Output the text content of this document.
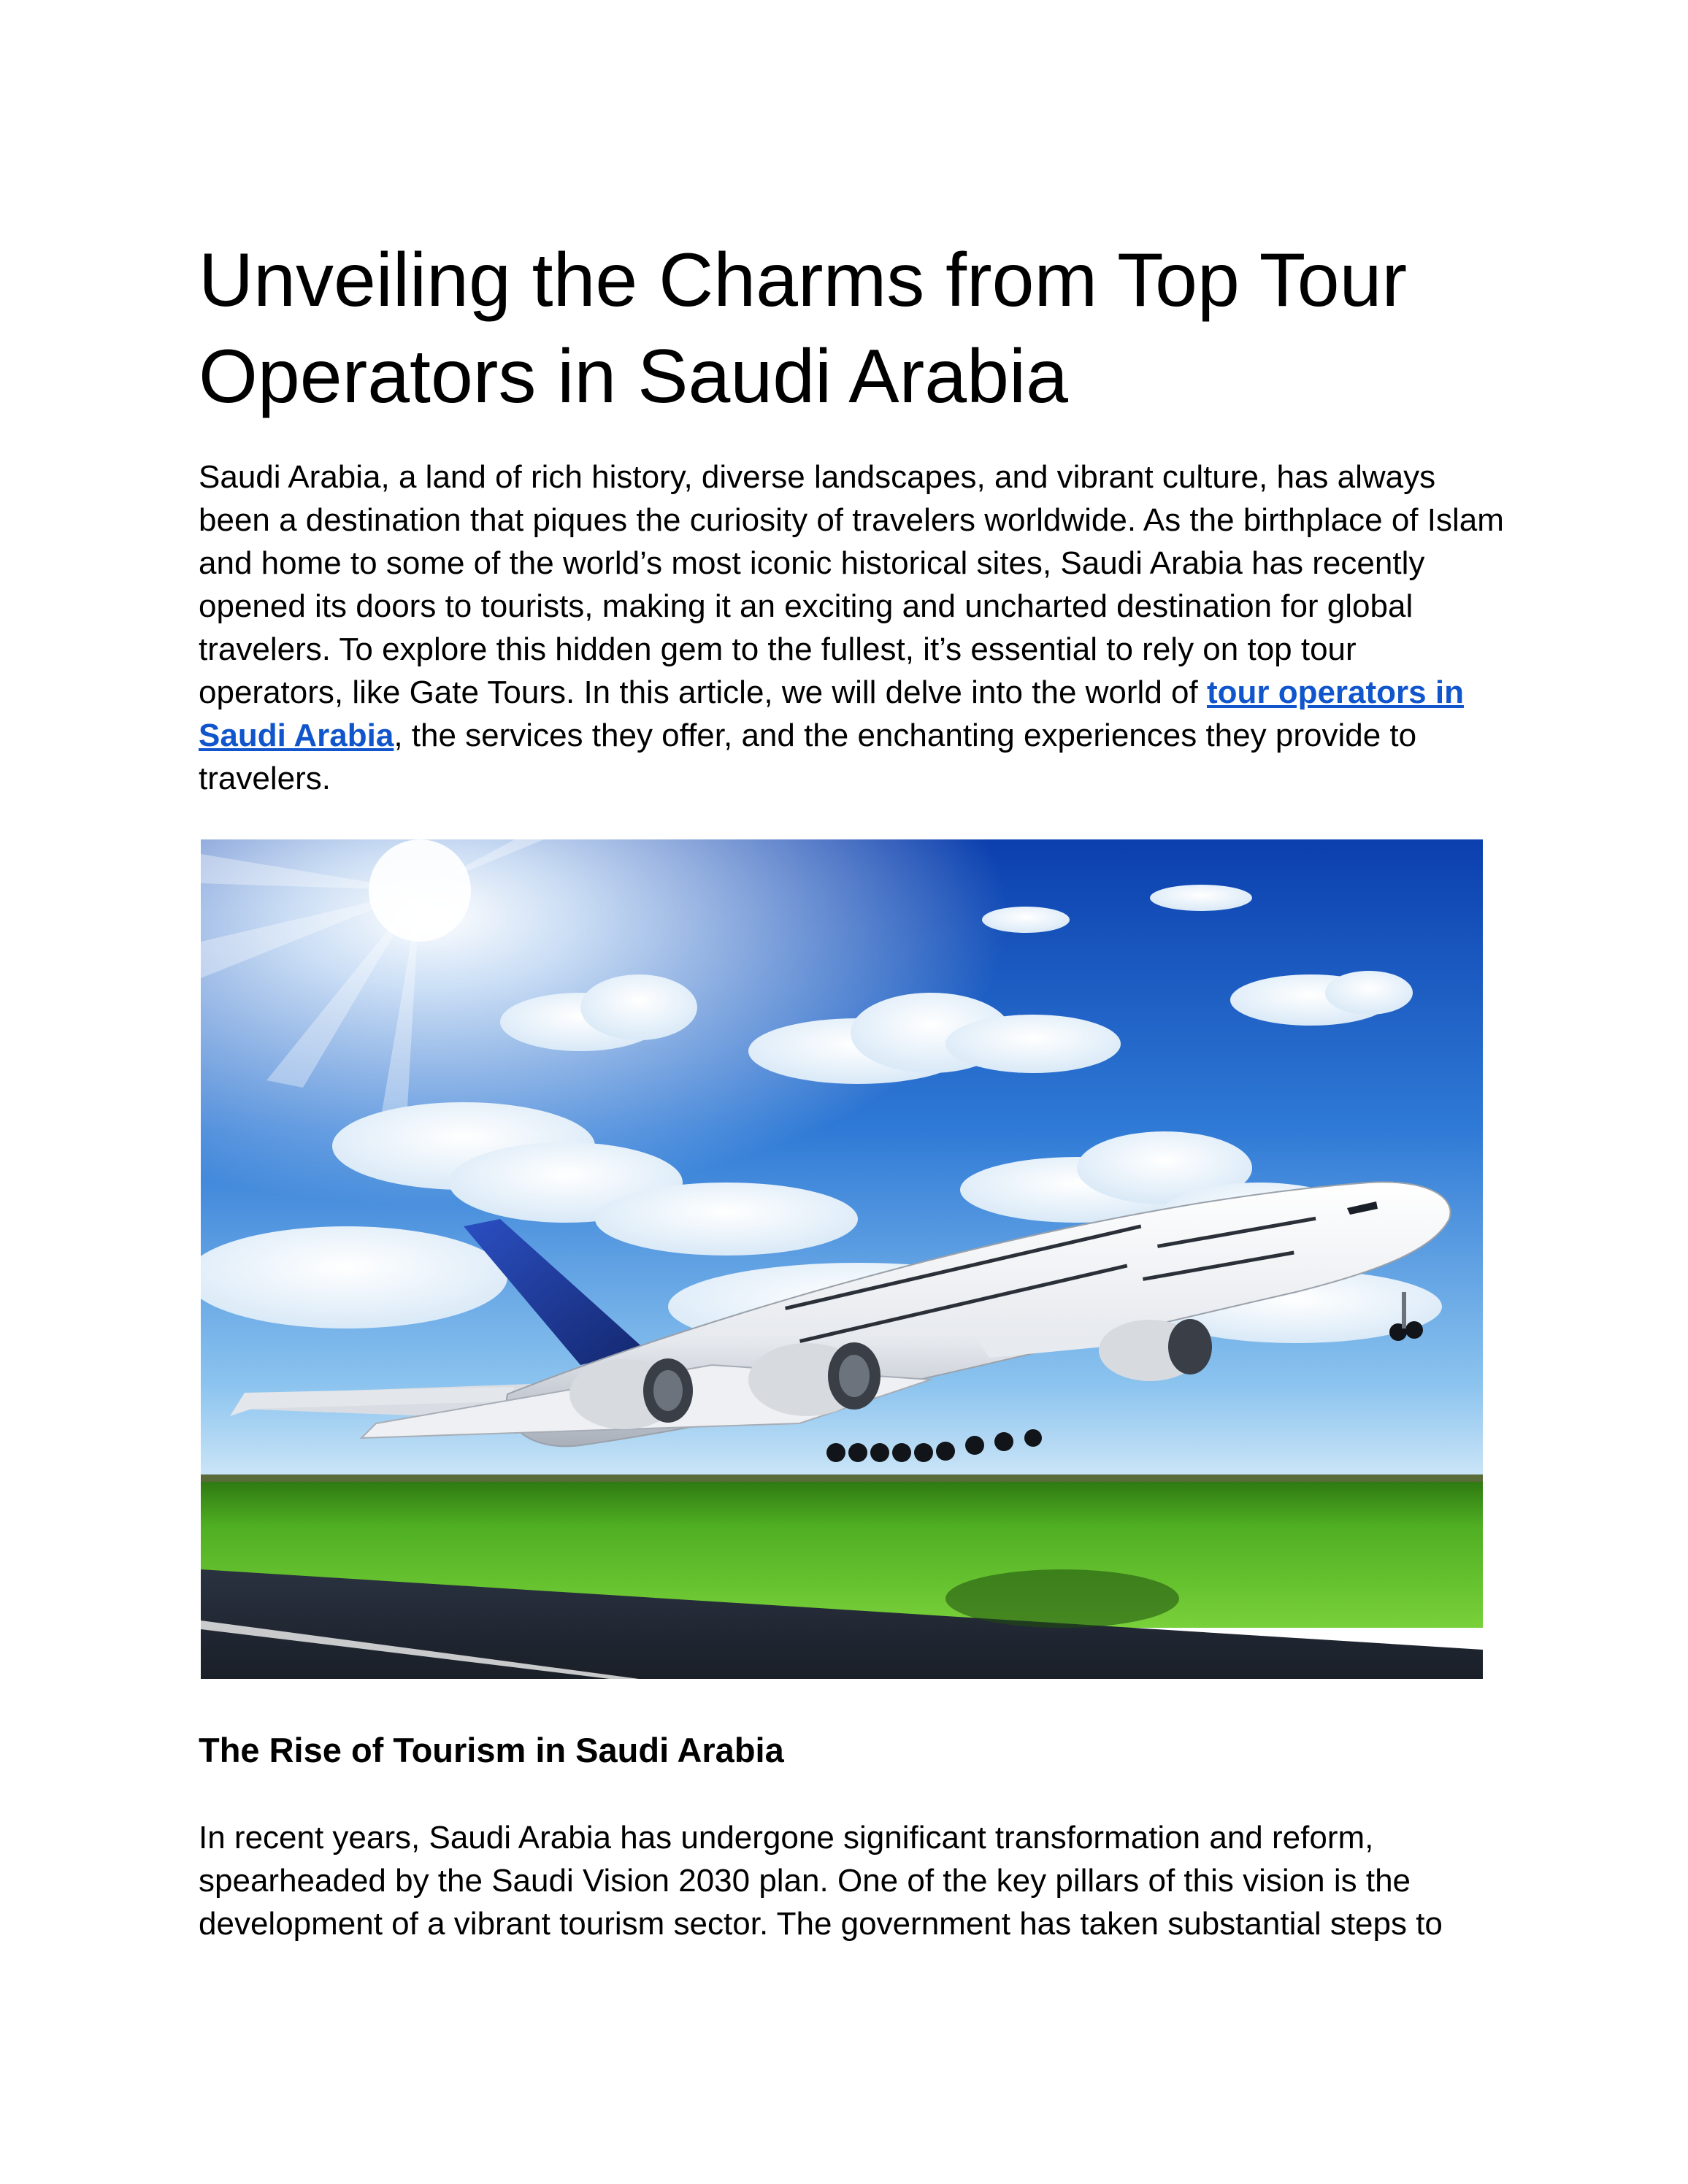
Unveiling the Charms from Top Tour Operators in Saudi Arabia

Saudi Arabia, a land of rich history, diverse landscapes, and vibrant culture, has always been a destination that piques the curiosity of travelers worldwide. As the birthplace of Islam and home to some of the world’s most iconic historical sites, Saudi Arabia has recently opened its doors to tourists, making it an exciting and uncharted destination for global travelers. To explore this hidden gem to the fullest, it’s essential to rely on top tour operators, like Gate Tours. In this article, we will delve into the world of tour operators in Saudi Arabia, the services they offer, and the enchanting experiences they provide to travelers.

The Rise of Tourism in Saudi Arabia

In recent years, Saudi Arabia has undergone significant transformation and reform, spearheaded by the Saudi Vision 2030 plan. One of the key pillars of this vision is the development of a vibrant tourism sector. The government has taken substantial steps to
